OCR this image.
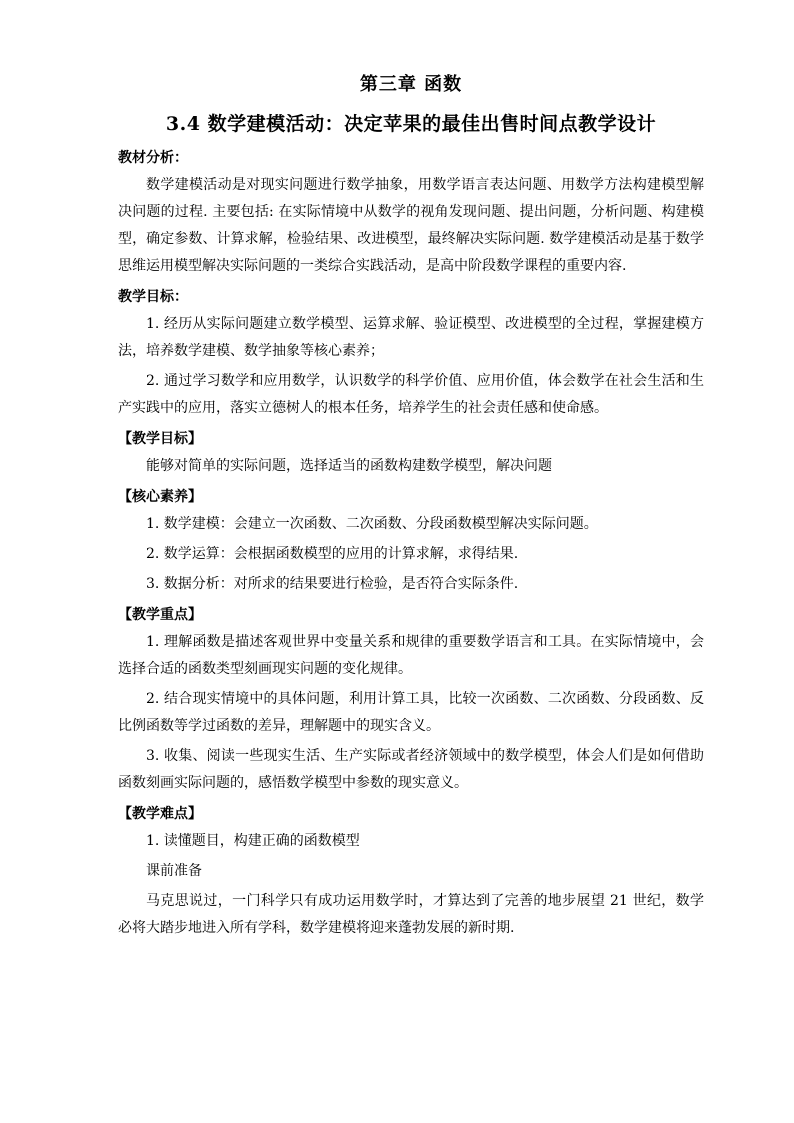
第三章 函数
3.4 数学建模活动：决定苹果的最佳出售时间点教学设计

教材分析：

数学建模活动是对现实问题进行数学抽象，用数学语言表达问题、用数学方法构建模型解决问题的过程. 主要包括: 在实际情境中从数学的视角发现问题、提出问题，分析问题、构建模型，确定参数、计算求解，检验结果、改进模型，最终解决实际问题. 数学建模活动是基于数学思维运用模型解决实际问题的一类综合实践活动，是高中阶段数学课程的重要内容.

教学目标：

1. 经历从实际问题建立数学模型、运算求解、验证模型、改进模型的全过程，掌握建模方法，培养数学建模、数学抽象等核心素养；

2. 通过学习数学和应用数学，认识数学的科学价值、应用价值，体会数学在社会生活和生产实践中的应用，落实立德树人的根本任务，培养学生的社会责任感和使命感。

【教学目标】

能够对简单的实际问题，选择适当的函数构建数学模型，解决问题

【核心素养】

1. 数学建模：会建立一次函数、二次函数、分段函数模型解决实际问题。

2. 数学运算：会根据函数模型的应用的计算求解，求得结果.

3. 数据分析：对所求的结果要进行检验，是否符合实际条件.

【教学重点】

1. 理解函数是描述客观世界中变量关系和规律的重要数学语言和工具。在实际情境中，会选择合适的函数类型刻画现实问题的变化规律。

2. 结合现实情境中的具体问题，利用计算工具，比较一次函数、二次函数、分段函数、反比例函数等学过函数的差异，理解题中的现实含义。

3. 收集、阅读一些现实生活、生产实际或者经济领域中的数学模型，体会人们是如何借助函数刻画实际问题的，感悟数学模型中参数的现实意义。

【教学难点】

1. 读懂题目，构建正确的函数模型

课前准备

马克思说过，一门科学只有成功运用数学时，才算达到了完善的地步展望 21 世纪，数学必将大踏步地进入所有学科，数学建模将迎来蓬勃发展的新时期.
